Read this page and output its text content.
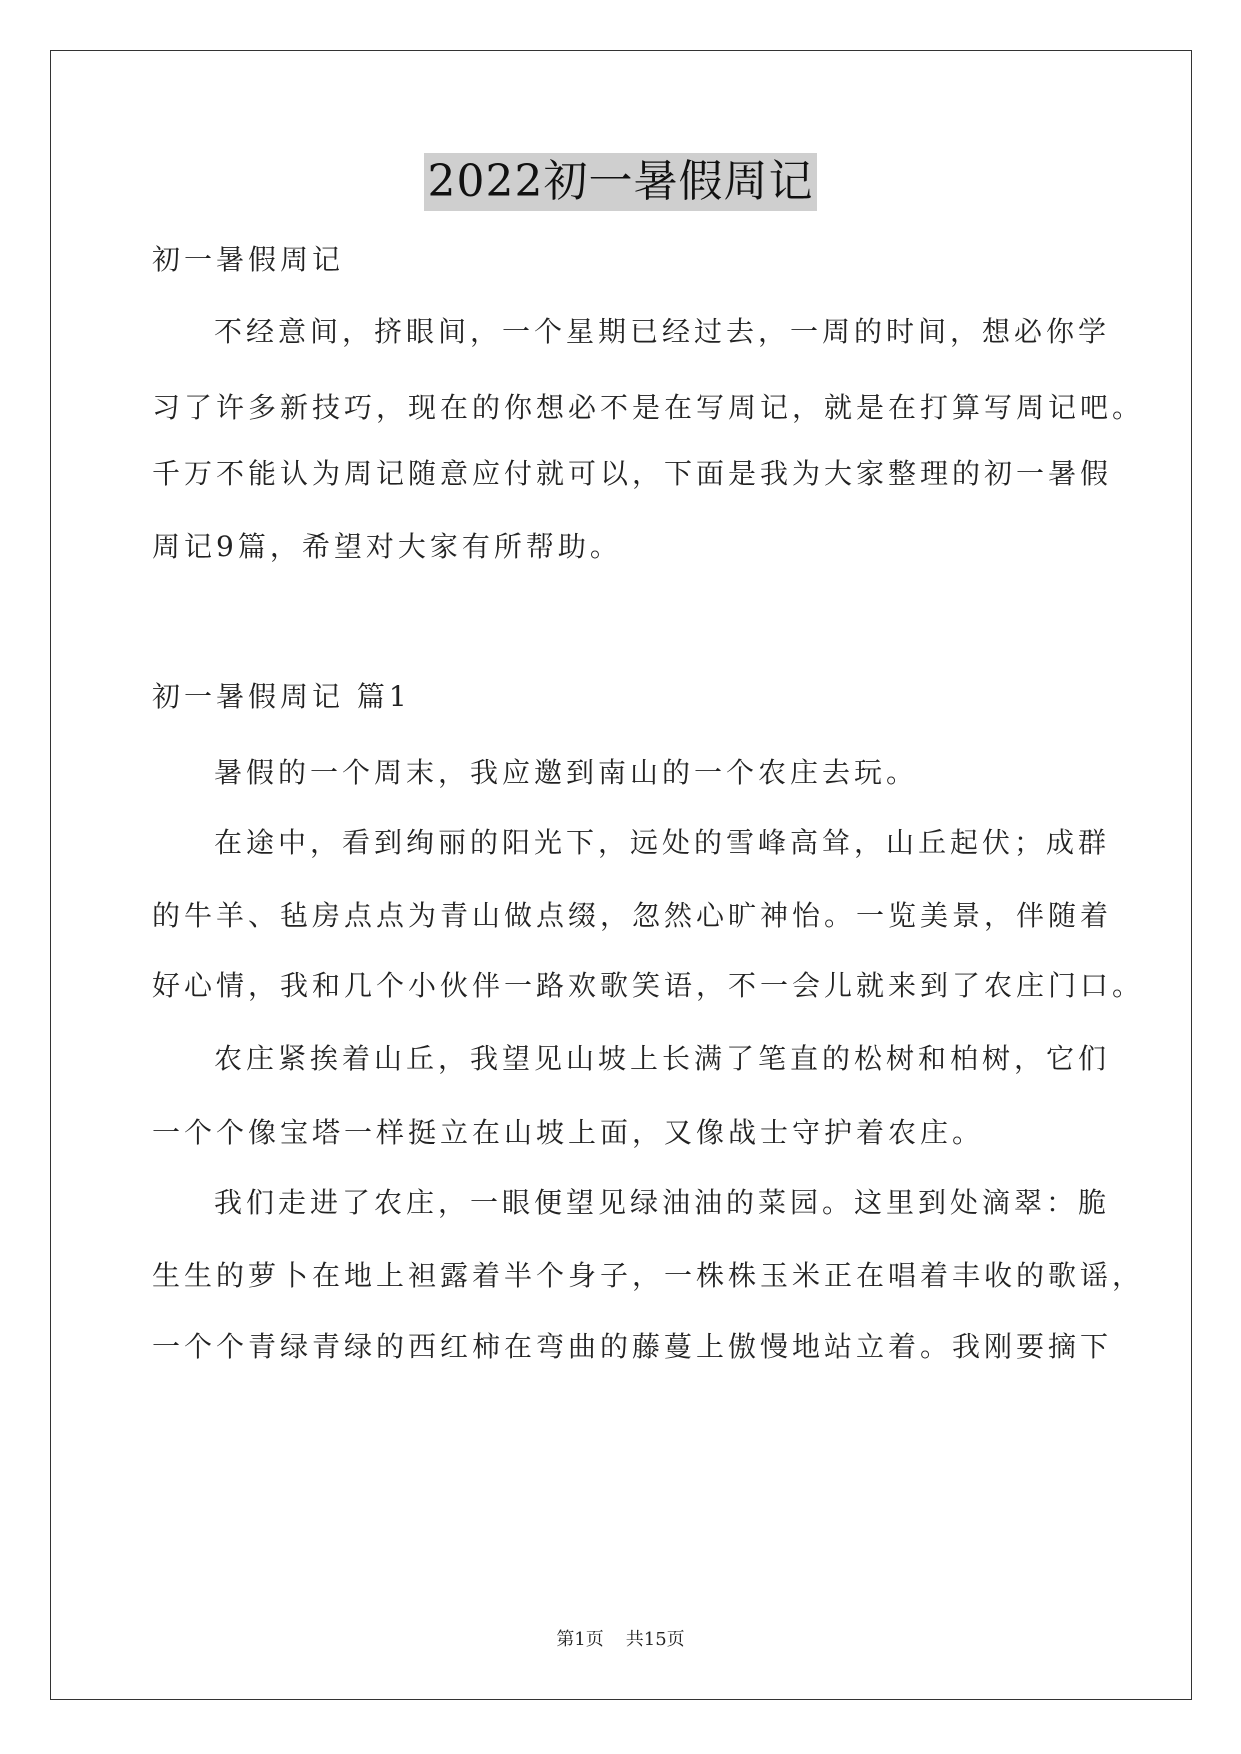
2022初一暑假周记
初一暑假周记
不经意间，挤眼间，一个星期已经过去，一周的时间，想必你学
习了许多新技巧，现在的你想必不是在写周记，就是在打算写周记吧。
千万不能认为周记随意应付就可以，下面是我为大家整理的初一暑假
周记9篇，希望对大家有所帮助。
初一暑假周记 篇1
暑假的一个周末，我应邀到南山的一个农庄去玩。
在途中，看到绚丽的阳光下，远处的雪峰高耸，山丘起伏；成群
的牛羊、毡房点点为青山做点缀，忽然心旷神怡。一览美景，伴随着
好心情，我和几个小伙伴一路欢歌笑语，不一会儿就来到了农庄门口。
农庄紧挨着山丘，我望见山坡上长满了笔直的松树和柏树，它们
一个个像宝塔一样挺立在山坡上面，又像战士守护着农庄。
我们走进了农庄，一眼便望见绿油油的菜园。这里到处滴翠：脆
生生的萝卜在地上袒露着半个身子，一株株玉米正在唱着丰收的歌谣，
一个个青绿青绿的西红柿在弯曲的藤蔓上傲慢地站立着。我刚要摘下
第1页 共15页
